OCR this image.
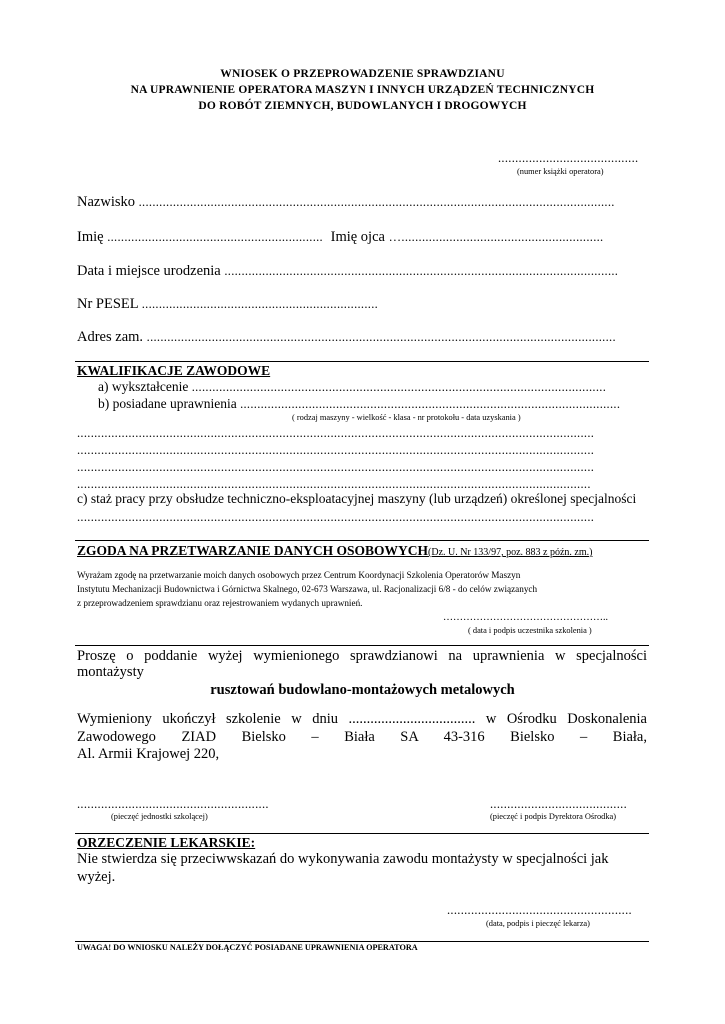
WNIOSEK O PRZEPROWADZENIE SPRAWDZIANU
NA UPRAWNIENIE OPERATORA MASZYN I INNYCH URZĄDZEŃ TECHNICZNYCH
DO ROBÓT ZIEMNYCH, BUDOWLANYCH I DROGOWYCH
.........................................
(numer książki operatora)
Nazwisko ...........................................................................................................................................
Imię ............................................................... Imię ojca …...........................................................
Data i miejsce urodzenia ...................................................................................................................
Nr PESEL .....................................................................
Adres zam. .........................................................................................................................................
KWALIFIKACJE ZAWODOWE
a) wykształcenie .........................................................................................................................
b) posiadane uprawnienia ...............................................................................................................
( rodzaj maszyny - wielkość - klasa - nr protokołu - data uzyskania )
.......................................................................................................................................................
.......................................................................................................................................................
.......................................................................................................................................................
......................................................................................................................................................
c) staż pracy przy obsłudze techniczno-eksploatacyjnej maszyny (lub urządzeń) określonej specjalności
.......................................................................................................................................................
ZGODA NA PRZETWARZANIE DANYCH OSOBOWYCH(Dz. U. Nr 133/97, poz. 883 z późn. zm.)
Wyrażam zgodę na przetwarzanie moich danych osobowych przez Centrum Koordynacji Szkolenia Operatorów Maszyn
Instytutu Mechanizacji Budownictwa i Górnictwa Skalnego, 02-673 Warszawa, ul. Racjonalizacji 6/8 - do celów związanych
z przeprowadzeniem sprawdzianu oraz rejestrowaniem wydanych uprawnień.
…………………………………………..
( data i podpis uczestnika szkolenia )
Proszę o poddanie wyżej wymienionego sprawdzianowi na uprawnienia w specjalności
montażysty
rusztowań budowlano-montażowych metalowych
Wymieniony ukończył szkolenie w dniu ................................... w Ośrodku Doskonalenia
Zawodowego ZIAD Bielsko – Biała SA 43-316 Bielsko – Biała,
Al. Armii Krajowej 220,
........................................................
(pieczęć jednostki szkolącej)
........................................
(pieczęć i podpis Dyrektora Ośrodka)
ORZECZENIE LEKARSKIE:
Nie stwierdza się przeciwwskazań do wykonywania zawodu montażysty w specjalności jak
wyżej.
......................................................
(data, podpis i pieczęć lekarza)
UWAGA! DO WNIOSKU NALEŻY DOŁĄCZYĆ POSIADANE UPRAWNIENIA OPERATORA
